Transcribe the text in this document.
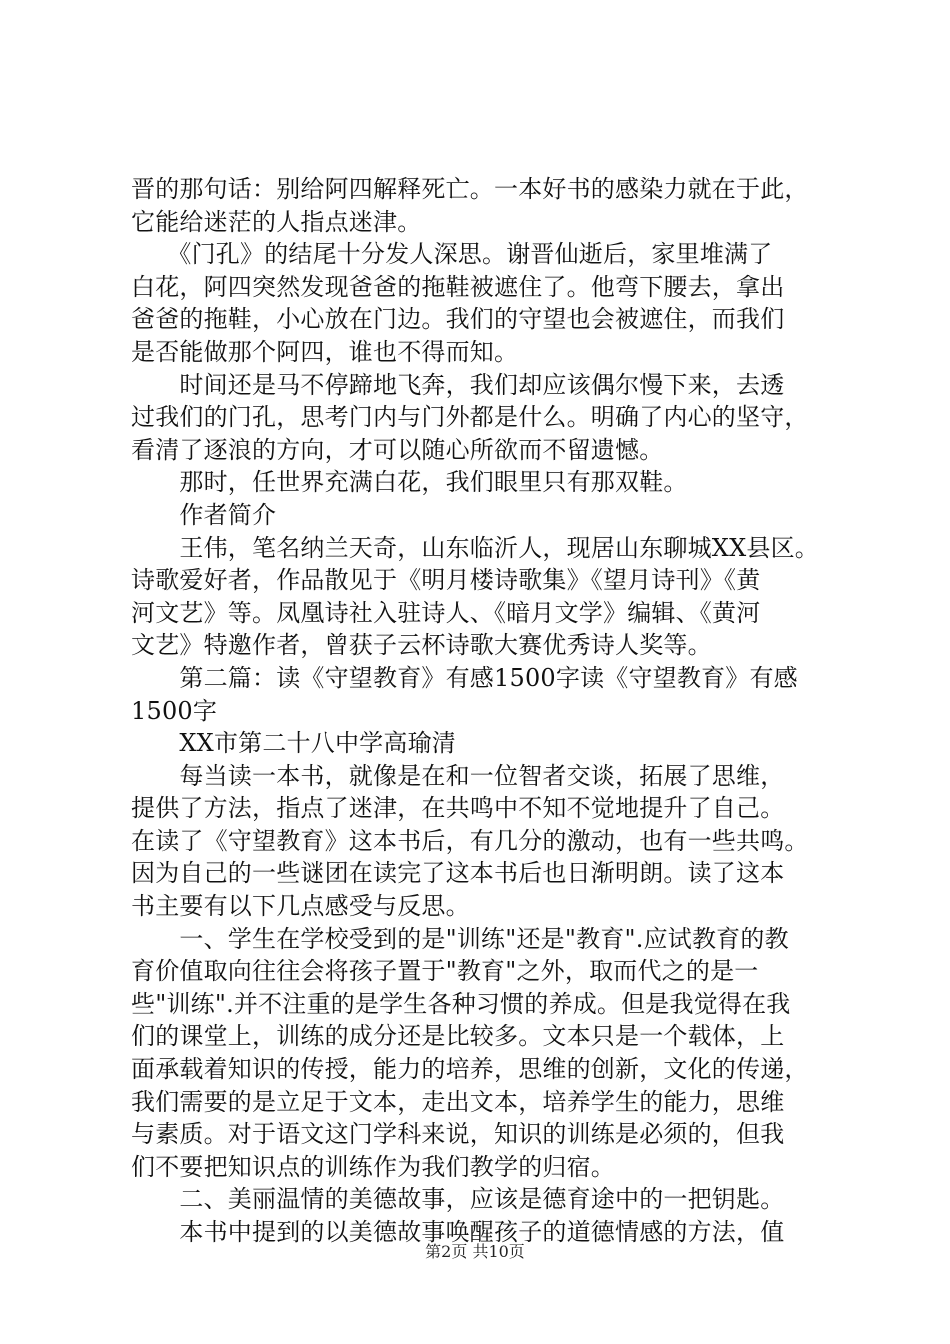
晋的那句话：别给阿四解释死亡。一本好书的感染力就在于此，
它能给迷茫的人指点迷津。
　　《门孔》的结尾十分发人深思。谢晋仙逝后，家里堆满了
白花，阿四突然发现爸爸的拖鞋被遮住了。他弯下腰去，拿出
爸爸的拖鞋，小心放在门边。我们的守望也会被遮住，而我们
是否能做那个阿四，谁也不得而知。
　　时间还是马不停蹄地飞奔，我们却应该偶尔慢下来，去透
过我们的门孔，思考门内与门外都是什么。明确了内心的坚守，
看清了逐浪的方向，才可以随心所欲而不留遗憾。
　　那时，任世界充满白花，我们眼里只有那双鞋。
　　作者简介
　　王伟，笔名纳兰天奇，山东临沂人，现居山东聊城XX县区。
诗歌爱好者，作品散见于《明月楼诗歌集》《望月诗刊》《黄
河文艺》等。凤凰诗社入驻诗人、《暗月文学》编辑、《黄河
文艺》特邀作者，曾获子云杯诗歌大赛优秀诗人奖等。
　　第二篇：读《守望教育》有感1500字读《守望教育》有感
1500字
　　XX市第二十八中学高瑜清
　　每当读一本书，就像是在和一位智者交谈，拓展了思维，
提供了方法，指点了迷津，在共鸣中不知不觉地提升了自己。
在读了《守望教育》这本书后，有几分的激动，也有一些共鸣。
因为自己的一些谜团在读完了这本书后也日渐明朗。读了这本
书主要有以下几点感受与反思。
　　一、学生在学校受到的是"训练"还是"教育".应试教育的教
育价值取向往往会将孩子置于"教育"之外，取而代之的是一
些"训练".并不注重的是学生各种习惯的养成。但是我觉得在我
们的课堂上，训练的成分还是比较多。文本只是一个载体，上
面承载着知识的传授，能力的培养，思维的创新，文化的传递，
我们需要的是立足于文本，走出文本，培养学生的能力，思维
与素质。对于语文这门学科来说，知识的训练是必须的，但我
们不要把知识点的训练作为我们教学的归宿。
　　二、美丽温情的美德故事，应该是德育途中的一把钥匙。
　　本书中提到的以美德故事唤醒孩子的道德情感的方法，值
第2页 共10页
